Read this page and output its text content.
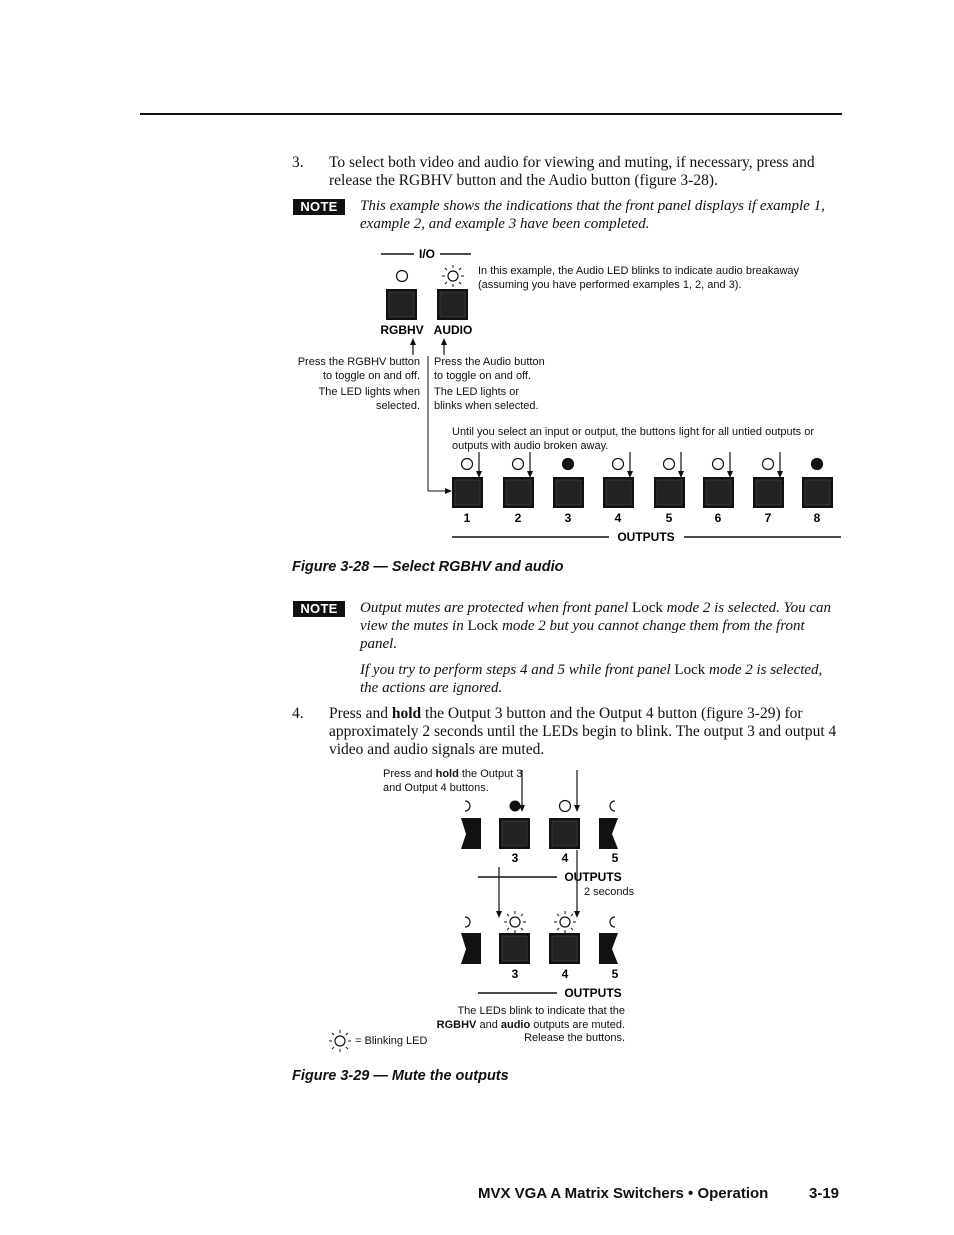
3. To select both video and audio for viewing and muting, if necessary, press and release the RGBHV button and the Audio button (figure 3-28).
NOTE	This example shows the indications that the front panel displays if example 1, example 2, and example 3 have been completed.
I/O
RGBHV AUDIO
1	2	3	4	5	6	7	8
OUTPUTS
In this example, the Audio LED blinks to indicate audio breakaway (assuming you have performed examples 1, 2, and 3).
Press the RGBHV button to toggle on and off.
The LED lights when selected.
Press the Audio button to toggle on and off.
The LED lights or blinks when selected.
Until you select an input or output, the buttons light for all untied outputs or outputs with audio broken away.
Figure 3-28 — Select RGBHV and audio
NOTE	Output mutes are protected when front panel Lock mode 2 is selected. You can view the mutes in Lock mode 2 but you cannot change them from the front panel.
If you try to perform steps 4 and 5 while front panel Lock mode 2 is selected, the actions are ignored.
4. Press and hold the Output 3 button and the Output 4 button (figure 3-29) for approximately 2 seconds until the LEDs begin to blink. The output 3 and output 4 video and audio signals are muted.
3	4	5
OUTPUTS
3	4	5
OUTPUTS
Press and hold the Output 3 and Output 4 buttons.
2 seconds
The LEDs blink to indicate that the RGBHV and audio outputs are muted.
Release the buttons.
= Blinking LED
Figure 3-29 — Mute the outputs
MVX VGA A Matrix Switchers • Operation	3-19
